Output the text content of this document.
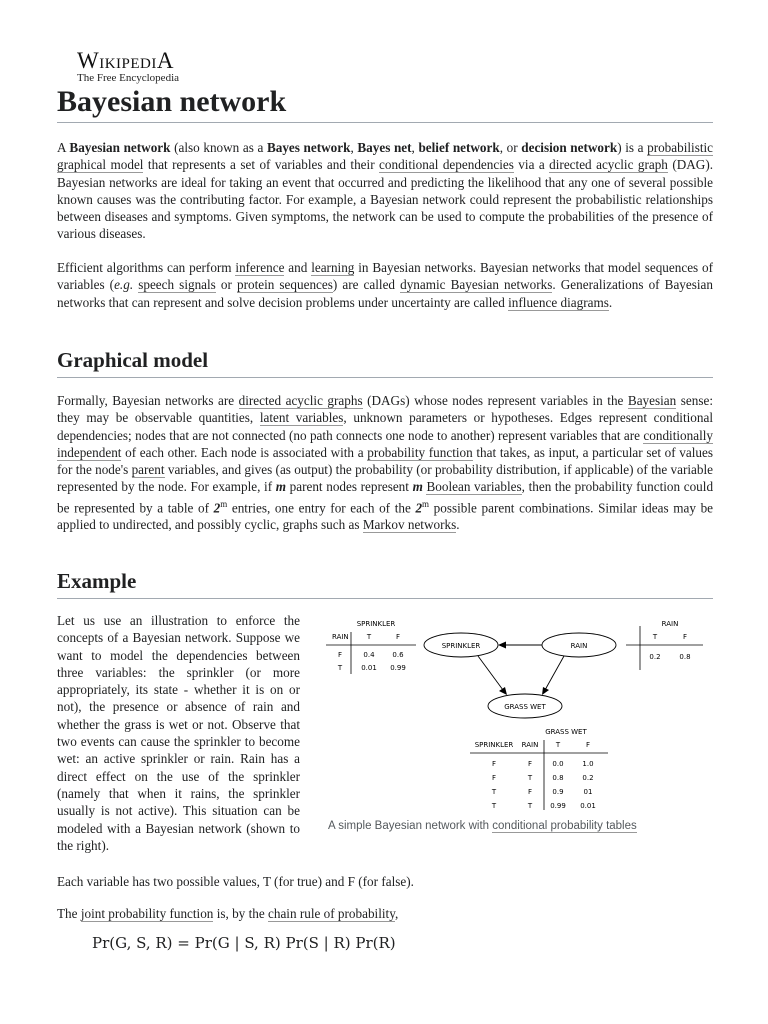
WikipediA
The Free Encyclopedia
Bayesian network

A Bayesian network (also known as a Bayes network, Bayes net, belief network, or decision network) is a probabilistic graphical model that represents a set of variables and their conditional dependencies via a directed acyclic graph (DAG). Bayesian networks are ideal for taking an event that occurred and predicting the likelihood that any one of several possible known causes was the contributing factor. For example, a Bayesian network could represent the probabilistic relationships between diseases and symptoms. Given symptoms, the network can be used to compute the probabilities of the presence of various diseases.

Efficient algorithms can perform inference and learning in Bayesian networks. Bayesian networks that model sequences of variables (e.g. speech signals or protein sequences) are called dynamic Bayesian networks. Generalizations of Bayesian networks that can represent and solve decision problems under uncertainty are called influence diagrams.

Graphical model

Formally, Bayesian networks are directed acyclic graphs (DAGs) whose nodes represent variables in the Bayesian sense: they may be observable quantities, latent variables, unknown parameters or hypotheses. Edges represent conditional dependencies; nodes that are not connected (no path connects one node to another) represent variables that are conditionally independent of each other. Each node is associated with a probability function that takes, as input, a particular set of values for the node's parent variables, and gives (as output) the probability (or probability distribution, if applicable) of the variable represented by the node. For example, if m parent nodes represent m Boolean variables, then the probability function could be represented by a table of 2$^m$ entries, one entry for each of the 2$^m$ possible parent combinations. Similar ideas may be applied to undirected, and possibly cyclic, graphs such as Markov networks.

Example
Let us use an illustration to enforce the concepts of a Bayesian network. Suppose we want to model the dependencies between three variables: the sprinkler (or more appropriately, its state - whether it is on or not), the presence or absence of rain and whether the grass is wet or not. Observe that two events can cause the sprinkler to become wet: an active sprinkler or rain. Rain has a direct effect on the use of the sprinkler (namely that when it rains, the sprinkler usually is not active). This situation can be modeled with a Bayesian network (shown to the right).
SPRINKLER
RAIN	T	F
F	0.4	0.6
T	0.01 0.99
RAIN
T	F
0.2	0.8
SPRINKLER	RAIN
GRASS WET
GRASS WET
SPRINKLER RAIN	T	F
F	F	0.0	1.0
F	T	0.8	0.2
T	F	0.9	01
T	T	0.99 0.01
A simple Bayesian network with conditional probability tables
Each variable has two possible values, T (for true) and F (for false).
The joint probability function is, by the chain rule of probability,
Pr(G, S, R) = Pr(G | S, R) Pr(S | R) Pr(R)
